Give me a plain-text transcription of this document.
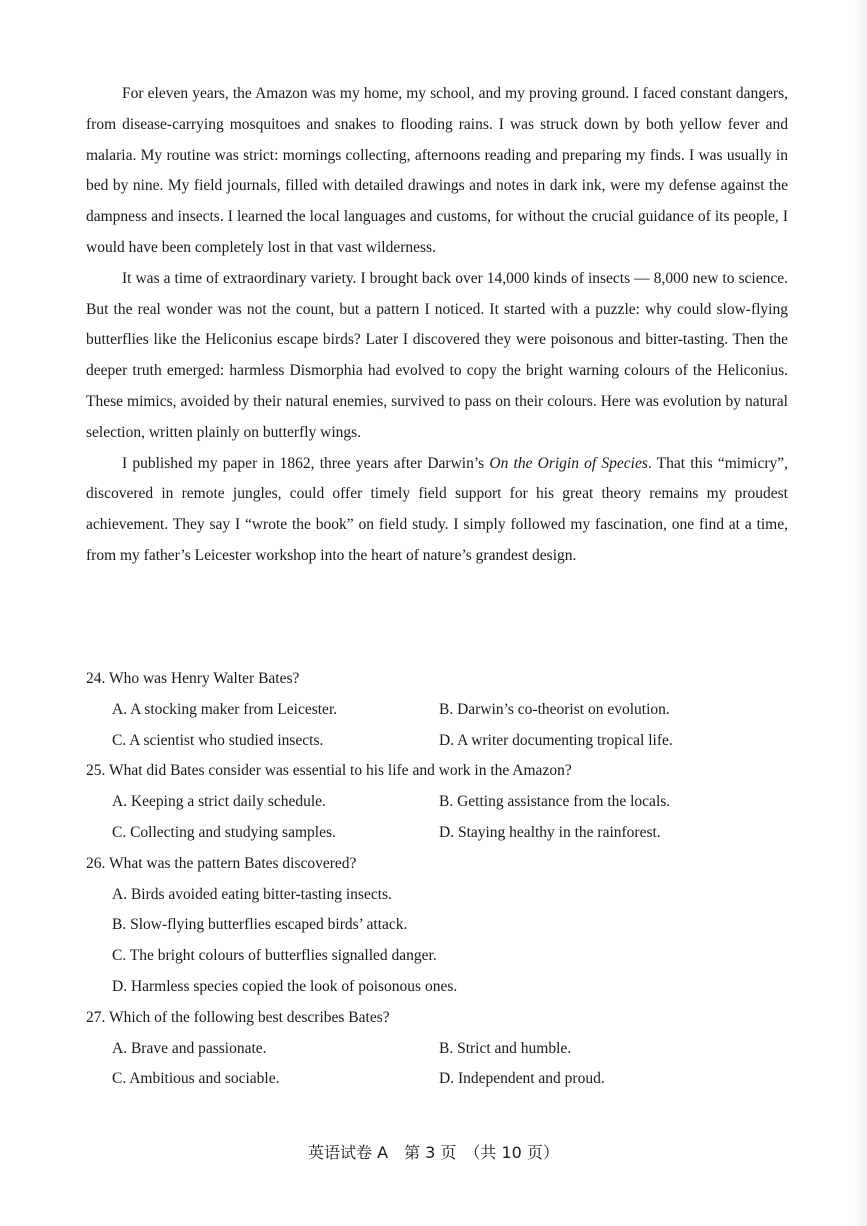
For eleven years, the Amazon was my home, my school, and my proving ground. I faced constant dangers, from disease-carrying mosquitoes and snakes to flooding rains. I was struck down by both yellow fever and malaria. My routine was strict: mornings collecting, afternoons reading and preparing my finds. I was usually in bed by nine. My field journals, filled with detailed drawings and notes in dark ink, were my defense against the dampness and insects. I learned the local languages and customs, for without the crucial guidance of its people, I would have been completely lost in that vast wilderness.

It was a time of extraordinary variety. I brought back over 14,000 kinds of insects — 8,000 new to science. But the real wonder was not the count, but a pattern I noticed. It started with a puzzle: why could slow-flying butterflies like the Heliconius escape birds? Later I discovered they were poisonous and bitter-tasting. Then the deeper truth emerged: harmless Dismorphia had evolved to copy the bright warning colours of the Heliconius. These mimics, avoided by their natural enemies, survived to pass on their colours. Here was evolution by natural selection, written plainly on butterfly wings.

I published my paper in 1862, three years after Darwin’s On the Origin of Species. That this “mimicry”, discovered in remote jungles, could offer timely field support for his great theory remains my proudest achievement. They say I “wrote the book” on field study. I simply followed my fascination, one find at a time, from my father’s Leicester workshop into the heart of nature’s grandest design.

24. Who was Henry Walter Bates?

A. A stocking maker from Leicester.	B. Darwin’s co-theorist on evolution.
C. A scientist who studied insects.	D. A writer documenting tropical life.

25. What did Bates consider was essential to his life and work in the Amazon?

A. Keeping a strict daily schedule.	B. Getting assistance from the locals.
C. Collecting and studying samples.	D. Staying healthy in the rainforest.

26. What was the pattern Bates discovered?

A. Birds avoided eating bitter-tasting insects.
B. Slow-flying butterflies escaped birds’ attack.
C. The bright colours of butterflies signalled danger.
D. Harmless species copied the look of poisonous ones.

27. Which of the following best describes Bates?

A. Brave and passionate.	B. Strict and humble.
C. Ambitious and sociable.	D. Independent and proud.
英语试卷 A　第 3 页　（共 10 页）
